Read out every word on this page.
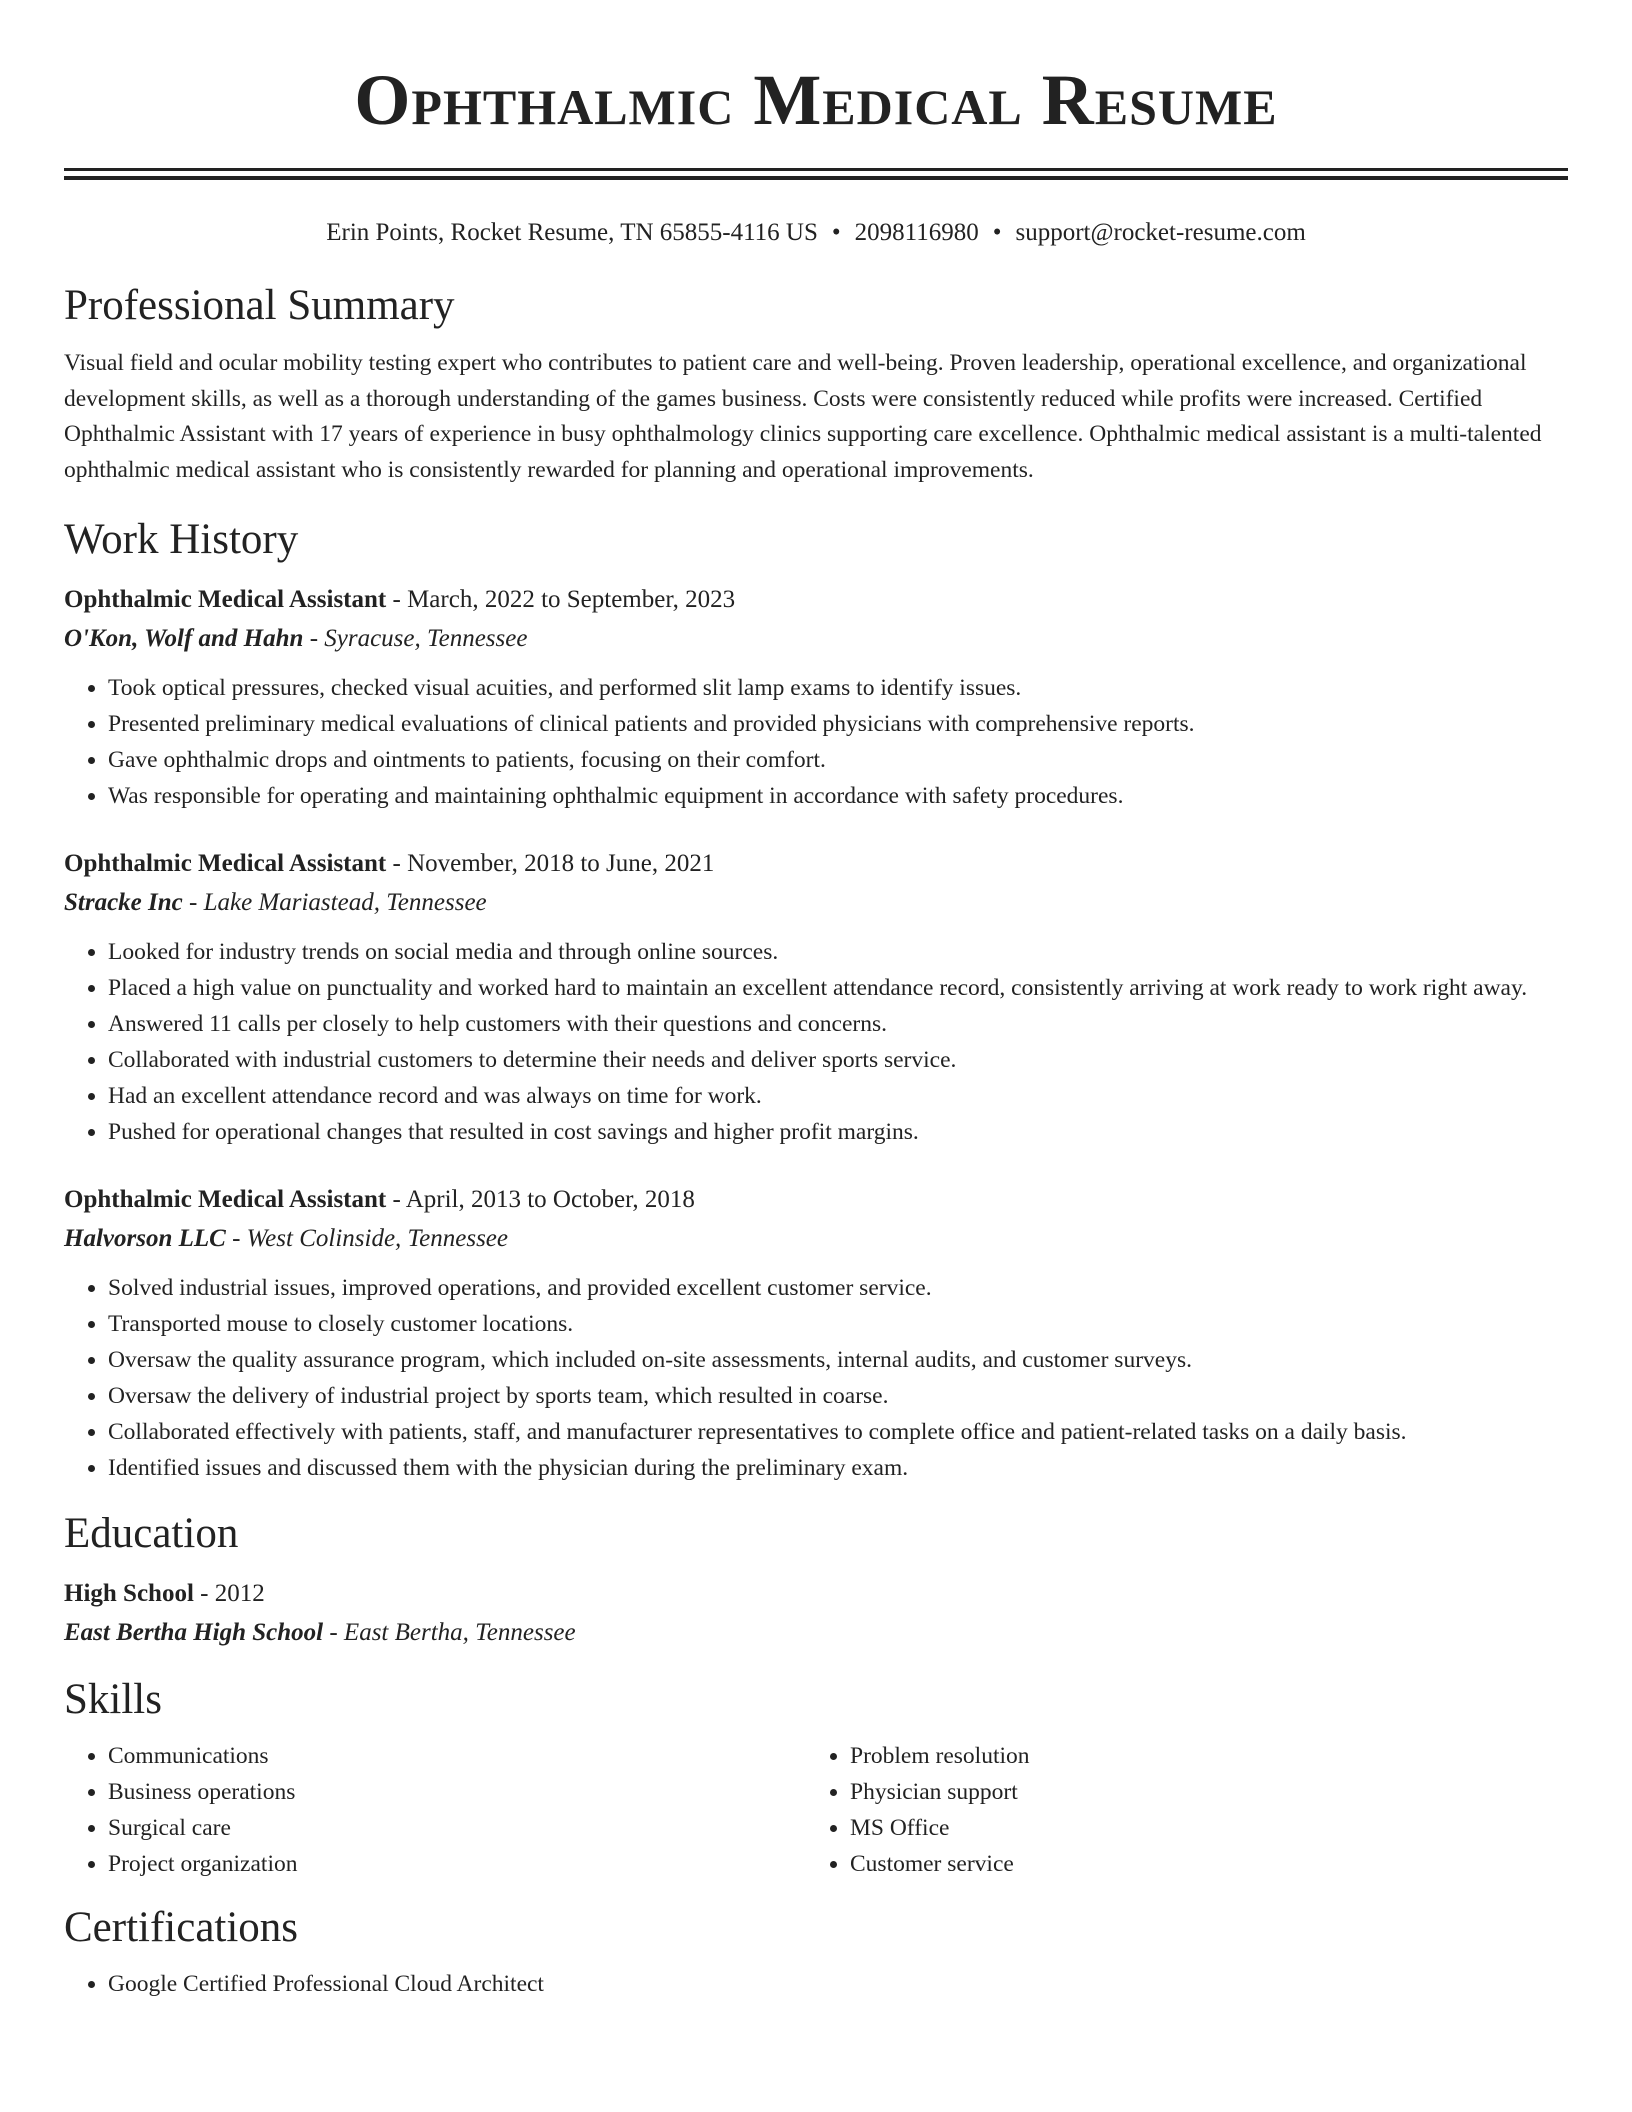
Ophthalmic Medical Resume
Erin Points, Rocket Resume, TN 65855-4116 US • 2098116980 • support@rocket-resume.com
Professional Summary

Visual field and ocular mobility testing expert who contributes to patient care and well-being. Proven leadership, operational excellence, and organizational development skills, as well as a thorough understanding of the games business. Costs were consistently reduced while profits were increased. Certified Ophthalmic Assistant with 17 years of experience in busy ophthalmology clinics supporting care excellence. Ophthalmic medical assistant is a multi-talented ophthalmic medical assistant who is consistently rewarded for planning and operational improvements.

Work History
Ophthalmic Medical Assistant - March, 2022 to September, 2023
O'Kon, Wolf and Hahn - Syracuse, Tennessee
• Took optical pressures, checked visual acuities, and performed slit lamp exams to identify issues.
• Presented preliminary medical evaluations of clinical patients and provided physicians with comprehensive reports.
• Gave ophthalmic drops and ointments to patients, focusing on their comfort.
• Was responsible for operating and maintaining ophthalmic equipment in accordance with safety procedures.
Ophthalmic Medical Assistant - November, 2018 to June, 2021
Stracke Inc - Lake Mariastead, Tennessee
• Looked for industry trends on social media and through online sources.
• Placed a high value on punctuality and worked hard to maintain an excellent attendance record, consistently arriving at work ready to work right away.
• Answered 11 calls per closely to help customers with their questions and concerns.
• Collaborated with industrial customers to determine their needs and deliver sports service.
• Had an excellent attendance record and was always on time for work.
• Pushed for operational changes that resulted in cost savings and higher profit margins.
Ophthalmic Medical Assistant - April, 2013 to October, 2018
Halvorson LLC - West Colinside, Tennessee
• Solved industrial issues, improved operations, and provided excellent customer service.
• Transported mouse to closely customer locations.
• Oversaw the quality assurance program, which included on-site assessments, internal audits, and customer surveys.
• Oversaw the delivery of industrial project by sports team, which resulted in coarse.
• Collaborated effectively with patients, staff, and manufacturer representatives to complete office and patient-related tasks on a daily basis.
• Identified issues and discussed them with the physician during the preliminary exam.
Education
High School - 2012
East Bertha High School - East Bertha, Tennessee
Skills
• Communications
• Business operations
• Surgical care
• Project organization
• Problem resolution
• Physician support
• MS Office
• Customer service
Certifications
• Google Certified Professional Cloud Architect
